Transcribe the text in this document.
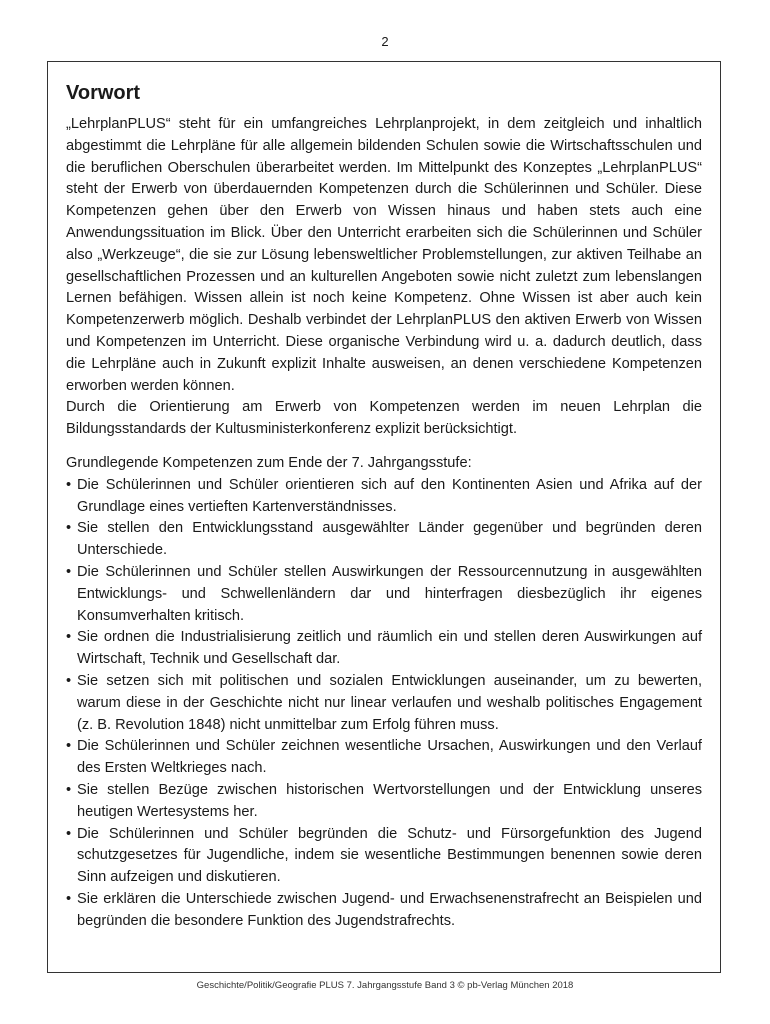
2
Vorwort

„LehrplanPLUS“ steht für ein umfangreiches Lehrplanprojekt, in dem zeitgleich und inhaltlich abgestimmt die Lehrpläne für alle allgemein bildenden Schulen sowie die Wirtschaftsschulen und die beruflichen Oberschulen überarbeitet werden. Im Mittelpunkt des Konzeptes „LehrplanPLUS“ steht der Erwerb von überdauernden Kompetenzen durch die Schülerinnen und Schüler. Diese Kompetenzen gehen über den Erwerb von Wissen hinaus und haben stets auch eine Anwendungssituation im Blick. Über den Unterricht erarbeiten sich die Schülerinnen und Schüler also „Werkzeuge“, die sie zur Lösung lebensweltlicher Problemstellungen, zur aktiven Teilhabe an gesellschaftlichen Prozessen und an kulturellen Angeboten sowie nicht zuletzt zum lebenslangen Lernen befähigen. Wissen allein ist noch keine Kompetenz. Ohne Wissen ist aber auch kein Kompetenzerwerb möglich. Deshalb verbindet der LehrplanPLUS den aktiven Erwerb von Wissen und Kompetenzen im Unterricht. Diese organische Verbindung wird u. a. dadurch deutlich, dass die Lehrpläne auch in Zukunft explizit Inhalte ausweisen, an denen verschiedene Kompetenzen erworben werden können.

Durch die Orientierung am Erwerb von Kompetenzen werden im neuen Lehrplan die Bildungsstandards der Kultusministerkonferenz explizit berücksichtigt.

Grundlegende Kompetenzen zum Ende der 7. Jahrgangsstufe:

• Die Schülerinnen und Schüler orientieren sich auf den Kontinenten Asien und Afrika auf der Grundlage eines vertieften Kartenverständnisses.
• Sie stellen den Entwicklungsstand ausgewählter Länder gegenüber und begründen deren Unterschiede.
• Die Schülerinnen und Schüler stellen Auswirkungen der Ressourcennutzung in ausgewählten Entwicklungs- und Schwellenländern dar und hinterfragen diesbezüglich ihr eigenes Konsumverhalten kritisch.
• Sie ordnen die Industrialisierung zeitlich und räumlich ein und stellen deren Auswirkungen auf Wirtschaft, Technik und Gesellschaft dar.
• Sie setzen sich mit politischen und sozialen Entwicklungen auseinander, um zu bewerten, warum diese in der Geschichte nicht nur linear verlaufen und weshalb politisches Engagement (z. B. Revolution 1848) nicht unmittelbar zum Erfolg führen muss.
• Die Schülerinnen und Schüler zeichnen wesentliche Ursachen, Auswirkungen und den Verlauf des Ersten Weltkrieges nach.
• Sie stellen Bezüge zwischen historischen Wertvorstellungen und der Entwicklung unseres heutigen Wertesystems her.
• Die Schülerinnen und Schüler begründen die Schutz- und Fürsorgefunktion des Jugend schutzgesetzes für Jugendliche, indem sie wesentliche Bestimmungen benennen sowie deren Sinn aufzeigen und diskutieren.
• Sie erklären die Unterschiede zwischen Jugend- und Erwachsenenstrafrecht an Beispielen und begründen die besondere Funktion des Jugendstrafrechts.
Geschichte/Politik/Geografie PLUS 7. Jahrgangsstufe Band 3 © pb-Verlag München 2018
